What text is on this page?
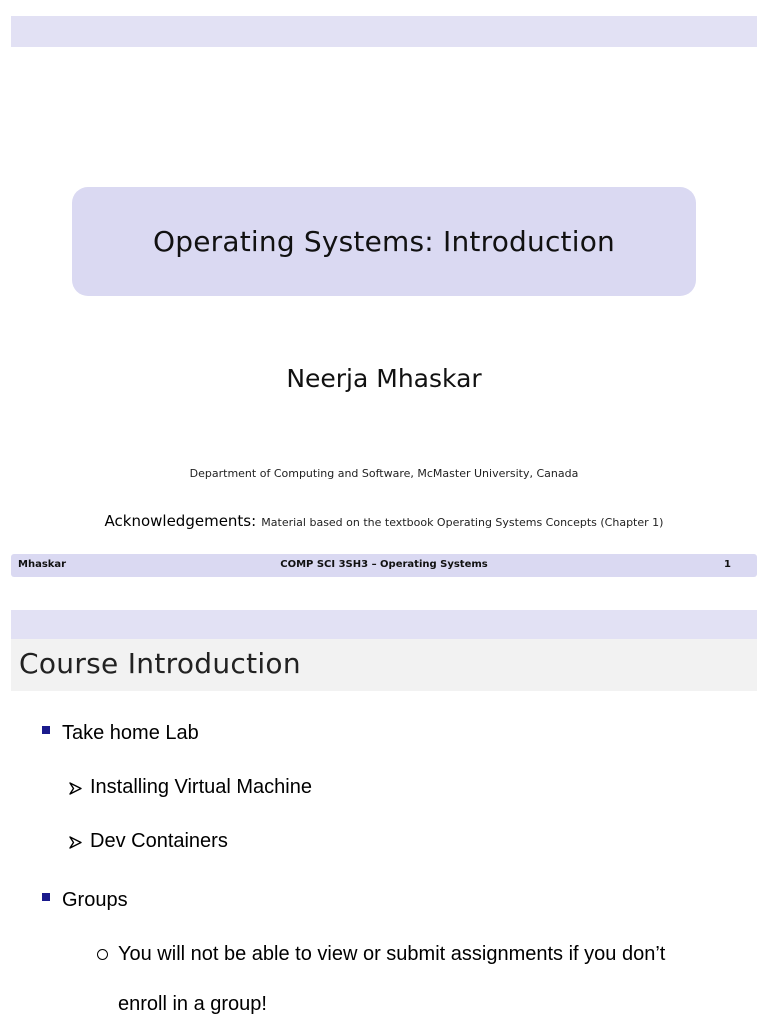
Operating Systems: Introduction
Neerja Mhaskar
Department of Computing and Software, McMaster University, Canada
Acknowledgements: Material based on the textbook Operating Systems Concepts (Chapter 1)
Mhaskar	COMP SCI 3SH3 – Operating Systems	1
Course Introduction
Take home Lab
Installing Virtual Machine
Dev Containers
Groups
You will not be able to view or submit assignments if you don’t
enroll in a group!
